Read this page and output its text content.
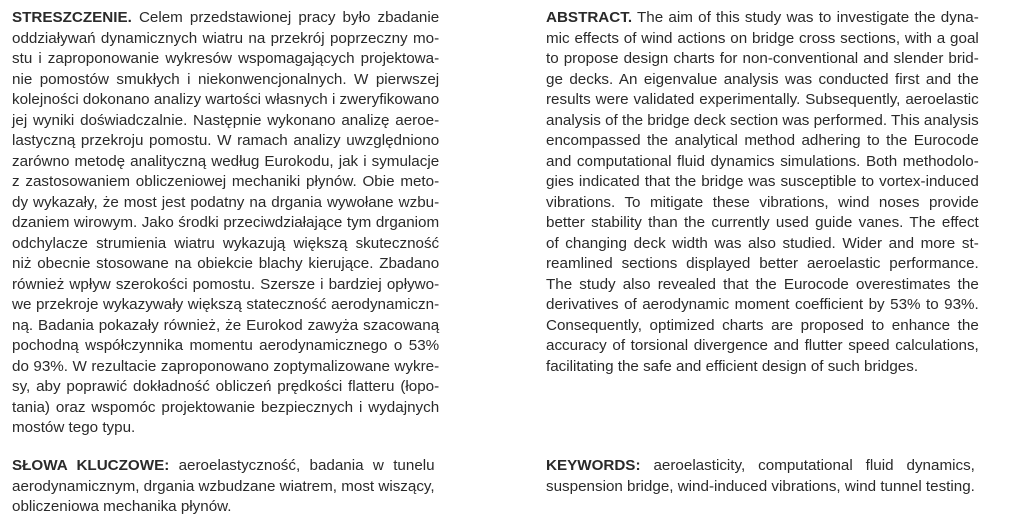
STRESZCZENIE. Celem przedstawionej pracy było zbadanie
oddziaływań dynamicznych wiatru na przekrój poprzeczny mo-
stu i zaproponowanie wykresów wspomagających projektowa-
nie pomostów smukłych i niekonwencjonalnych. W pierwszej
kolejności dokonano analizy wartości własnych i zweryfikowano
jej wyniki doświadczalnie. Następnie wykonano analizę aeroe-
lastyczną przekroju pomostu. W ramach analizy uwzględniono
zarówno metodę analityczną według Eurokodu, jak i symulacje
z zastosowaniem obliczeniowej mechaniki płynów. Obie meto-
dy wykazały, że most jest podatny na drgania wywołane wzbu-
dzaniem wirowym. Jako środki przeciwdziałające tym drganiom
odchylacze strumienia wiatru wykazują większą skuteczność
niż obecnie stosowane na obiekcie blachy kierujące. Zbadano
również wpływ szerokości pomostu. Szersze i bardziej opływo-
we przekroje wykazywały większą stateczność aerodynamiczn-
ną. Badania pokazały również, że Eurokod zawyża szacowaną
pochodną współczynnika momentu aerodynamicznego o 53%
do 93%. W rezultacie zaproponowano zoptymalizowane wykre-
sy, aby poprawić dokładność obliczeń prędkości flatteru (łopo-
tania) oraz wspomóc projektowanie bezpiecznych i wydajnych
mostów tego typu.
SŁOWA KLUCZOWE: aeroelastyczność, badania w tunelu
aerodynamicznym, drgania wzbudzane wiatrem, most wiszący,
obliczeniowa mechanika płynów.
ABSTRACT. The aim of this study was to investigate the dyna-
mic effects of wind actions on bridge cross sections, with a goal
to propose design charts for non-conventional and slender brid-
ge decks. An eigenvalue analysis was conducted first and the
results were validated experimentally. Subsequently, aeroelastic
analysis of the bridge deck section was performed. This analysis
encompassed the analytical method adhering to the Eurocode
and computational fluid dynamics simulations. Both methodolo-
gies indicated that the bridge was susceptible to vortex-induced
vibrations. To mitigate these vibrations, wind noses provide
better stability than the currently used guide vanes. The effect
of changing deck width was also studied. Wider and more st-
reamlined sections displayed better aeroelastic performance.
The study also revealed that the Eurocode overestimates the
derivatives of aerodynamic moment coefficient by 53% to 93%.
Consequently, optimized charts are proposed to enhance the
accuracy of torsional divergence and flutter speed calculations,
facilitating the safe and efficient design of such bridges.
KEYWORDS: aeroelasticity, computational fluid dynamics,
suspension bridge, wind-induced vibrations, wind tunnel testing.
